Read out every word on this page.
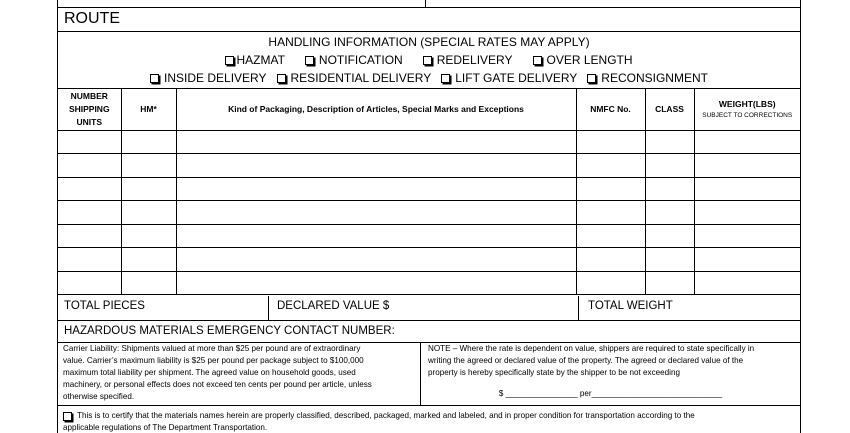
ROUTE
HANDLING INFORMATION (SPECIAL RATES MAY APPLY)
HAZMAT	NOTIFICATION	REDELIVERY	OVER LENGTH
INSIDE DELIVERY RESIDENTIAL DELIVERY LIFT GATE DELIVERY RECONSIGNMENT
NUMBER
SHIPPING
UNITS	HM*	Kind of Packaging, Description of Articles, Special Marks and Exceptions	NMFC No.	CLASS	WEIGHT(LBS)
SUBJECT TO CORRECTIONS

TOTAL PIECES	DECLARED VALUE $	TOTAL WEIGHT
HAZARDOUS MATERIALS EMERGENCY CONTACT NUMBER:
Carrier Liability: Shipments valued at more than $25 per pound are of extraordinary
value. Carrier’s maximum liability is $25 per pound per package subject to $100,000
maximum total liability per shipment. The agreed value on household goods, used
machinery, or personal effects does not exceed ten cents per pound per article, unless
otherwise specified.
NOTE – Where the rate is dependent on value, shippers are required to state specifically in
writing the agreed or declared value of the property. The agreed or declared value of the
property is hereby specifically state by the shipper to be not exceeding
$ ________________ per_____________________________
This is to certify that the materials names herein are properly classified, described, packaged, marked and labeled, and in proper condition for transportation according to the
applicable regulations of The Department Transportation.
